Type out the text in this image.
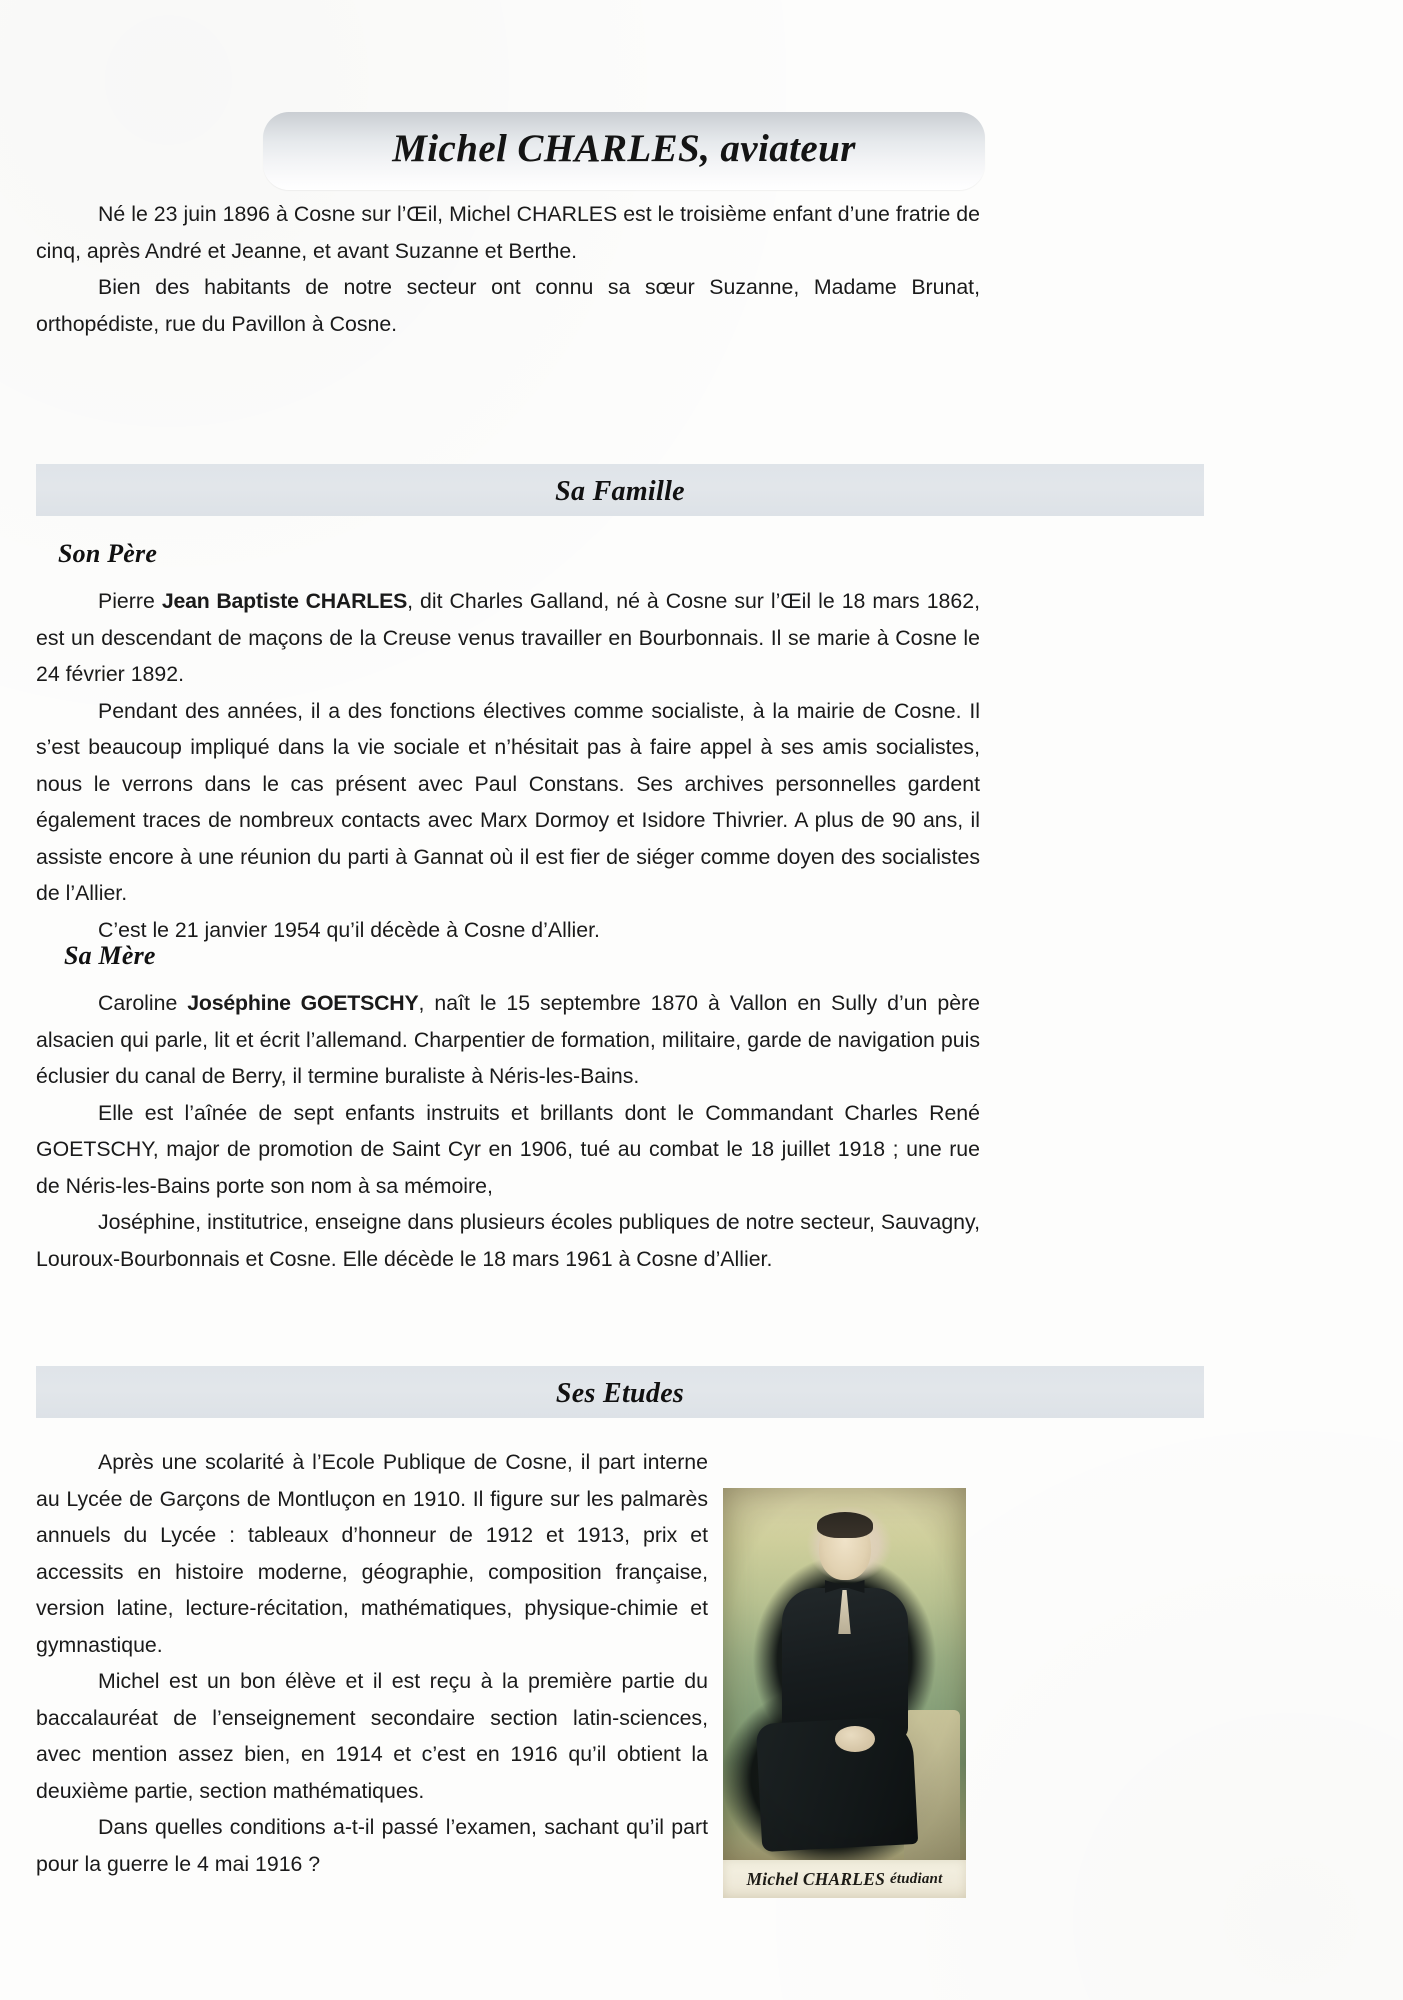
Michel CHARLES, aviateur

Né le 23 juin 1896 à Cosne sur l’Œil, Michel CHARLES est le troisième enfant d’une fratrie de cinq, après André et Jeanne, et avant Suzanne et Berthe.

Bien des habitants de notre secteur ont connu sa sœur Suzanne, Madame Brunat, orthopédiste, rue du Pavillon à Cosne.

Sa Famille
Son Père

Pierre Jean Baptiste CHARLES, dit Charles Galland, né à Cosne sur l’Œil le 18 mars 1862, est un descendant de maçons de la Creuse venus travailler en Bourbonnais. Il se marie à Cosne le 24 février 1892.

Pendant des années, il a des fonctions électives comme socialiste, à la mairie de Cosne. Il s’est beaucoup impliqué dans la vie sociale et n’hésitait pas à faire appel à ses amis socialistes, nous le verrons dans le cas présent avec Paul Constans. Ses archives personnelles gardent également traces de nombreux contacts avec Marx Dormoy et Isidore Thivrier. A plus de 90 ans, il assiste encore à une réunion du parti à Gannat où il est fier de siéger comme doyen des socialistes de l’Allier.

C’est le 21 janvier 1954 qu’il décède à Cosne d’Allier.

Sa Mère

Caroline Joséphine GOETSCHY, naît le 15 septembre 1870 à Vallon en Sully d’un père alsacien qui parle, lit et écrit l’allemand. Charpentier de formation, militaire, garde de navigation puis éclusier du canal de Berry, il termine buraliste à Néris-les-Bains.

Elle est l’aînée de sept enfants instruits et brillants dont le Commandant Charles René GOETSCHY, major de promotion de Saint Cyr en 1906, tué au combat le 18 juillet 1918 ; une rue de Néris-les-Bains porte son nom à sa mémoire,

Joséphine, institutrice, enseigne dans plusieurs écoles publiques de notre secteur, Sauvagny, Louroux-Bourbonnais et Cosne. Elle décède le 18 mars 1961 à Cosne d’Allier.

Ses Etudes
Michel CHARLES étudiant

Après une scolarité à l’Ecole Publique de Cosne, il part interne au Lycée de Garçons de Montluçon en 1910. Il figure sur les palmarès annuels du Lycée : tableaux d’honneur de 1912 et 1913, prix et accessits en histoire moderne, géographie, composition française, version latine, lecture-récitation, mathématiques, physique-chimie et gymnastique.

Michel est un bon élève et il est reçu à la première partie du baccalauréat de l’enseignement secondaire section latin-sciences, avec mention assez bien, en 1914 et c’est en 1916 qu’il obtient la deuxième partie, section mathématiques.

Dans quelles conditions a-t-il passé l’examen, sachant qu’il part pour la guerre le 4 mai 1916 ?
